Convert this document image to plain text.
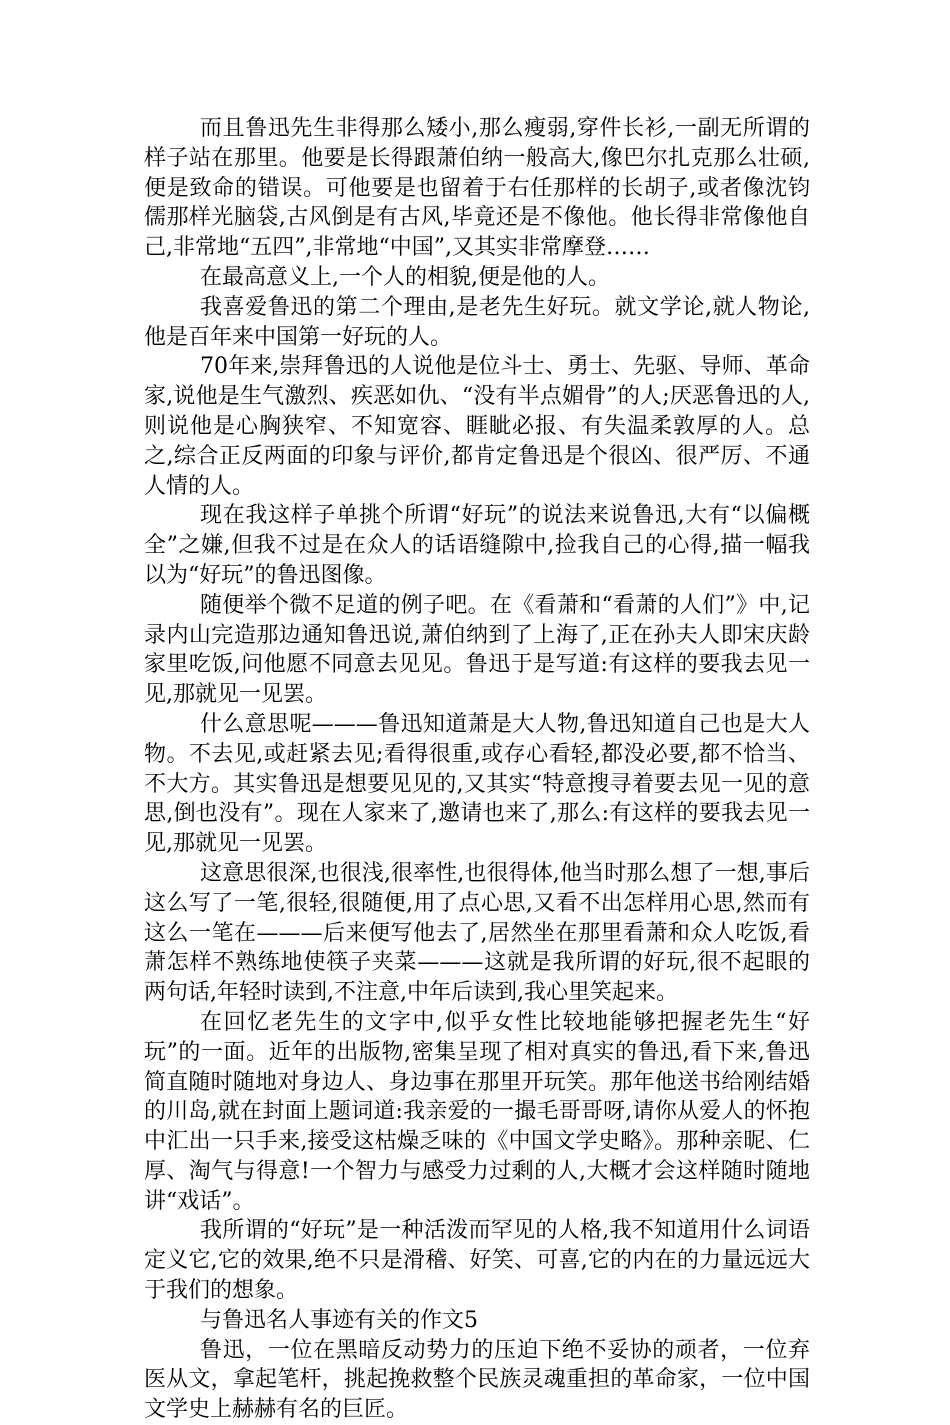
而且鲁迅先生非得那么矮小,那么瘦弱,穿件长衫,一副无所谓的样子站在那里。他要是长得跟萧伯纳一般高大,像巴尔扎克那么壮硕,便是致命的错误。可他要是也留着于右任那样的长胡子,或者像沈钧儒那样光脑袋,古风倒是有古风,毕竟还是不像他。他长得非常像他自己,非常地“五四”,非常地“中国”,又其实非常摩登……

在最高意义上,一个人的相貌,便是他的人。

我喜爱鲁迅的第二个理由,是老先生好玩。就文学论,就人物论,他是百年来中国第一好玩的人。

70年来,崇拜鲁迅的人说他是位斗士、勇士、先驱、导师、革命家,说他是生气激烈、疾恶如仇、“没有半点媚骨”的人;厌恶鲁迅的人,则说他是心胸狭窄、不知宽容、睚眦必报、有失温柔敦厚的人。总之,综合正反两面的印象与评价,都肯定鲁迅是个很凶、很严厉、不通人情的人。

现在我这样子单挑个所谓“好玩”的说法来说鲁迅,大有“以偏概全”之嫌,但我不过是在众人的话语缝隙中,捡我自己的心得,描一幅我以为“好玩”的鲁迅图像。

随便举个微不足道的例子吧。在《看萧和“看萧的人们”》中,记录内山完造那边通知鲁迅说,萧伯纳到了上海了,正在孙夫人即宋庆龄家里吃饭,问他愿不同意去见见。鲁迅于是写道:有这样的要我去见一见,那就见一见罢。

什么意思呢———鲁迅知道萧是大人物,鲁迅知道自己也是大人物。不去见,或赶紧去见;看得很重,或存心看轻,都没必要,都不恰当、不大方。其实鲁迅是想要见见的,又其实“特意搜寻着要去见一见的意思,倒也没有”。现在人家来了,邀请也来了,那么:有这样的要我去见一见,那就见一见罢。

这意思很深,也很浅,很率性,也很得体,他当时那么想了一想,事后这么写了一笔,很轻,很随便,用了点心思,又看不出怎样用心思,然而有这么一笔在———后来便写他去了,居然坐在那里看萧和众人吃饭,看萧怎样不熟练地使筷子夹菜———这就是我所谓的好玩,很不起眼的两句话,年轻时读到,不注意,中年后读到,我心里笑起来。

在回忆老先生的文字中,似乎女性比较地能够把握老先生“好玩”的一面。近年的出版物,密集呈现了相对真实的鲁迅,看下来,鲁迅简直随时随地对身边人、身边事在那里开玩笑。那年他送书给刚结婚的川岛,就在封面上题词道:我亲爱的一撮毛哥哥呀,请你从爱人的怀抱中汇出一只手来,接受这枯燥乏味的《中国文学史略》。那种亲昵、仁厚、淘气与得意!一个智力与感受力过剩的人,大概才会这样随时随地讲“戏话”。

我所谓的“好玩”是一种活泼而罕见的人格,我不知道用什么词语定义它,它的效果,绝不只是滑稽、好笑、可喜,它的内在的力量远远大于我们的想象。

与鲁迅名人事迹有关的作文5

鲁迅，一位在黑暗反动势力的压迫下绝不妥协的顽者，一位弃医从文，拿起笔杆，挑起挽救整个民族灵魂重担的革命家，一位中国文学史上赫赫有名的巨匠。
